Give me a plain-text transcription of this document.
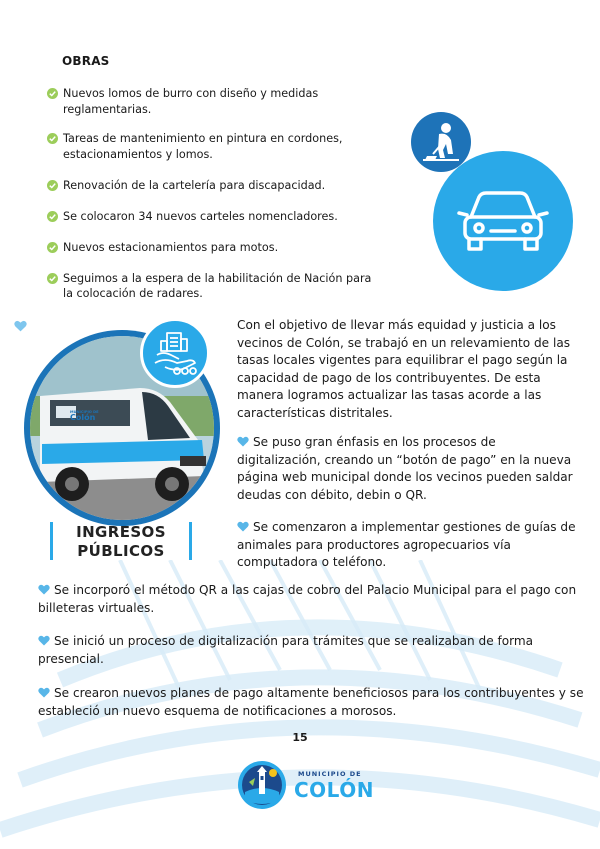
OBRAS
Nuevos lomos de burro con diseño y medidas reglamentarias.
Tareas de mantenimiento en pintura en cordones, estacionamientos y lomos.
Renovación de la cartelería para discapacidad.
Se colocaron 34 nuevos carteles nomencladores.
Nuevos estacionamientos para motos.
Seguimos a la espera de la habilitación de Nación para la colocación de radares.
MUNICIPIO DE
Colón
INGRESOS
PÚBLICOS

Con el objetivo de llevar más equidad y justicia a los vecinos de Colón, se trabajó en un relevamiento de las tasas locales vigentes para equilibrar el pago según la capacidad de pago de los contribuyentes. De esta manera logramos actualizar las tasas acorde a las características distritales.

Se puso gran énfasis en los procesos de digitalización, creando un “botón de pago” en la nueva página web municipal donde los vecinos pueden saldar deudas con débito, debin o QR.

Se comenzaron a implementar gestiones de guías de animales para productores agropecuarios vía computadora o teléfono.

Se incorporó el método QR a las cajas de cobro del Palacio Municipal para el pago con billeteras virtuales.

Se inició un proceso de digitalización para trámites que se realizaban de forma presencial.

Se crearon nuevos planes de pago altamente beneficiosos para los contribuyentes y se estableció un nuevo esquema de notificaciones a morosos.

15
MUNICIPIO DE
COLÓN
